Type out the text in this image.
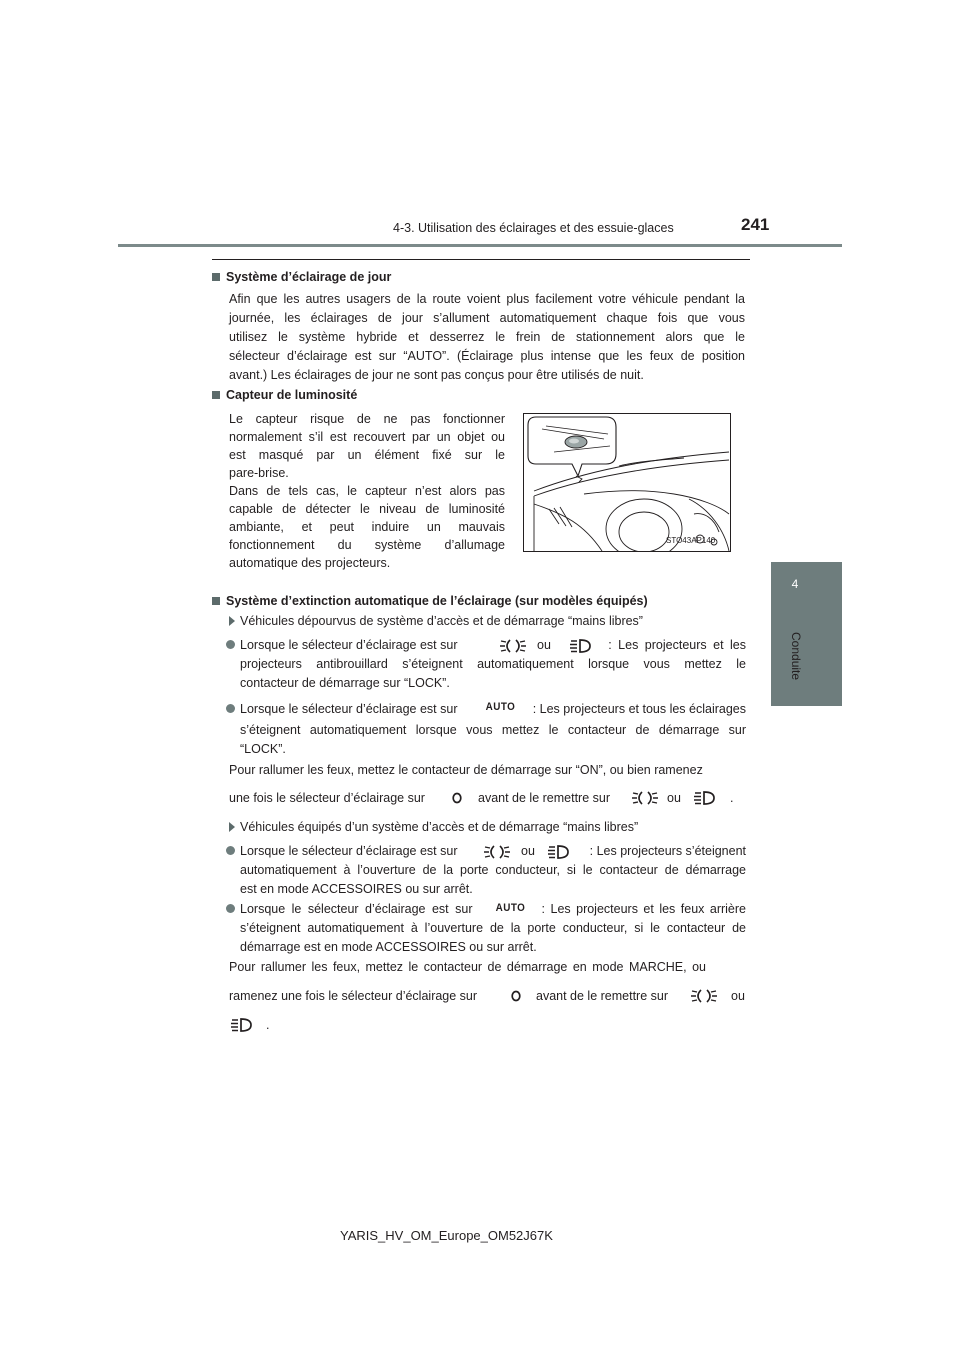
4-3. Utilisation des éclairages et des essuie-glaces	241
4
Conduite
Système d’éclairage de jour
Afin que les autres usagers de la route voient plus facilement votre véhicule pendant la
journée, les éclairages de jour s’allument automatiquement chaque fois que vous
utilisez le système hybride et desserrez le frein de stationnement alors que le
sélecteur d’éclairage est sur “AUTO”. (Éclairage plus intense que les feux de position
avant.) Les éclairages de jour ne sont pas conçus pour être utilisés de nuit.
Capteur de luminosité
Le capteur risque de ne pas fonctionner
normalement s’il est recouvert par un objet ou
est masqué par un élément fixé sur le
pare-brise.
Dans de tels cas, le capteur n’est alors pas
capable de détecter le niveau de luminosité
ambiante, et peut induire un mauvais
fonctionnement du système d’allumage
automatique des projecteurs.
STO43AP140
Système d’extinction automatique de l’éclairage (sur modèles équipés)
Véhicules dépourvus de système d’accès et de démarrage “mains libres”
Lorsque le sélecteur d’éclairage est sur	ou	: Les projecteurs et les
projecteurs antibrouillard s’éteignent automatiquement lorsque vous mettez le
contacteur de démarrage sur “LOCK”.
Lorsque le sélecteur d’éclairage est sur	: Les projecteurs et tous les éclairages
s’éteignent automatiquement lorsque vous mettez le contacteur de démarrage sur
“LOCK”.
AUTO
Pour rallumer les feux, mettez le contacteur de démarrage sur “ON”, ou bien ramenez
une fois le sélecteur d’éclairage sur	avant de le remettre sur	ou	.
Véhicules équipés d’un système d’accès et de démarrage “mains libres”
Lorsque le sélecteur d’éclairage est sur	ou	: Les projecteurs s’éteignent
automatiquement à l’ouverture de la porte conducteur, si le contacteur de démarrage
est en mode ACCESSOIRES ou sur arrêt.
Lorsque le sélecteur d’éclairage est sur	: Les projecteurs et les feux arrière
s’éteignent automatiquement à l’ouverture de la porte conducteur, si le contacteur de
démarrage est en mode ACCESSOIRES ou sur arrêt.
AUTO
Pour rallumer les feux, mettez le contacteur de démarrage en mode MARCHE, ou
ramenez une fois le sélecteur d’éclairage sur	avant de le remettre sur	ou
.
YARIS_HV_OM_Europe_OM52J67K
